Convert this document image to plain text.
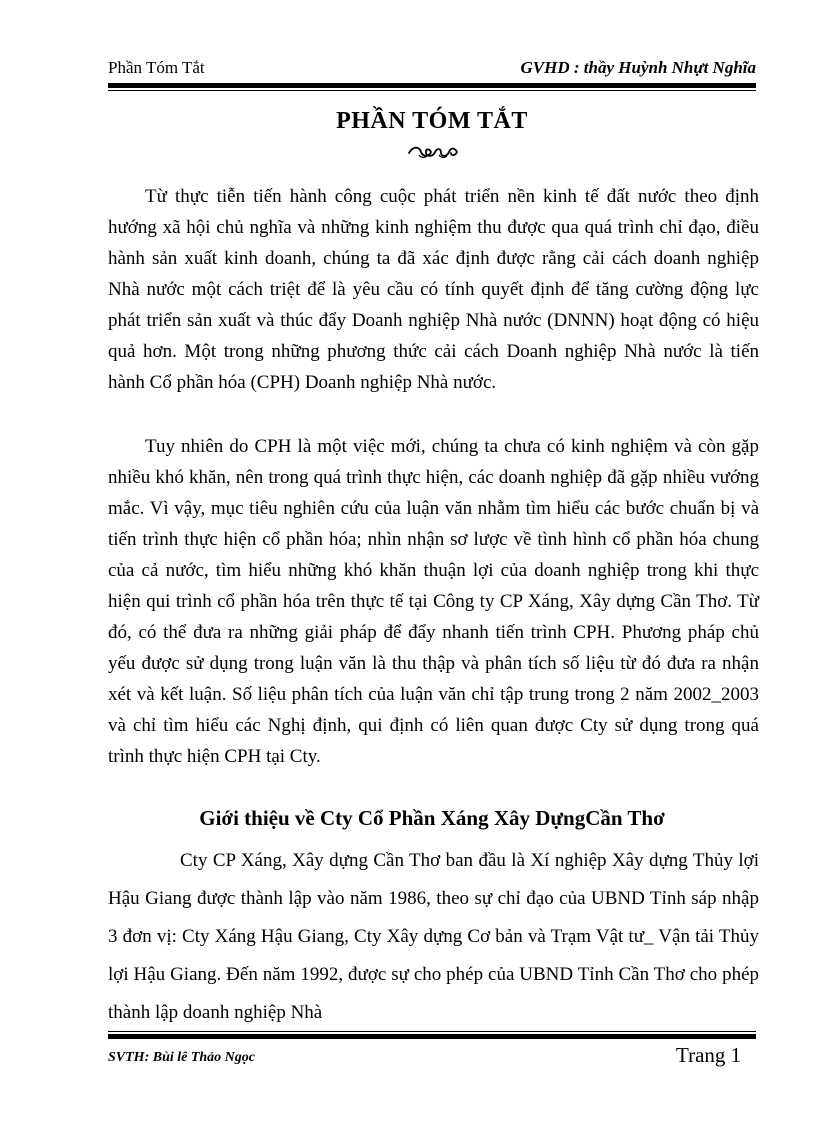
Phần Tóm Tắt	GVHD : thầy Huỳnh Nhựt Nghĩa
PHẦN TÓM TẮT

Từ thực tiễn tiến hành công cuộc phát triển nền kinh tế đất nước theo định hướng xã hội chủ nghĩa và những kinh nghiệm thu được qua quá trình chỉ đạo, điều hành sản xuất kinh doanh, chúng ta đã xác định được rằng cải cách doanh nghiệp Nhà nước một cách triệt để là yêu cầu có tính quyết định để tăng cường động lực phát triển sản xuất và thúc đẩy Doanh nghiệp Nhà nước (DNNN) hoạt động có hiệu quả hơn. Một trong những phương thức cải cách Doanh nghiệp Nhà nước là tiến hành Cổ phần hóa (CPH) Doanh nghiệp Nhà nước.

Tuy nhiên do CPH là một việc mới, chúng ta chưa có kinh nghiệm và còn gặp nhiều khó khăn, nên trong quá trình thực hiện, các doanh nghiệp đã gặp nhiều vướng mắc. Vì vậy, mục tiêu nghiên cứu của luận văn nhằm tìm hiểu các bước chuẩn bị và tiến trình thực hiện cổ phần hóa; nhìn nhận sơ lược về tình hình cổ phần hóa chung của cả nước, tìm hiểu những khó khăn thuận lợi của doanh nghiệp trong khi thực hiện qui trình cổ phần hóa trên thực tế tại Công ty CP Xáng, Xây dựng Cần Thơ. Từ đó, có thể đưa ra những giải pháp để đẩy nhanh tiến trình CPH. Phương pháp chủ yếu được sử dụng trong luận văn là thu thập và phân tích số liệu từ đó đưa ra nhận xét và kết luận. Số liệu phân tích của luận văn chỉ tập trung trong 2 năm 2002_2003 và chỉ tìm hiểu các Nghị định, qui định có liên quan được Cty sử dụng trong quá trình thực hiện CPH tại Cty.

Giới thiệu về Cty Cổ Phần Xáng Xây DựngCần Thơ

Cty CP Xáng, Xây dựng Cần Thơ ban đầu là Xí nghiệp Xây dựng Thủy lợi Hậu Giang được thành lập vào năm 1986, theo sự chỉ đạo của UBND Tỉnh sáp nhập 3 đơn vị: Cty Xáng Hậu Giang, Cty Xây dựng Cơ bản và Trạm Vật tư_ Vận tải Thủy lợi Hậu Giang. Đến năm 1992, được sự cho phép của UBND Tỉnh Cần Thơ cho phép thành lập doanh nghiệp Nhà

SVTH: Bùi lê Thảo Ngọc	Trang 1
